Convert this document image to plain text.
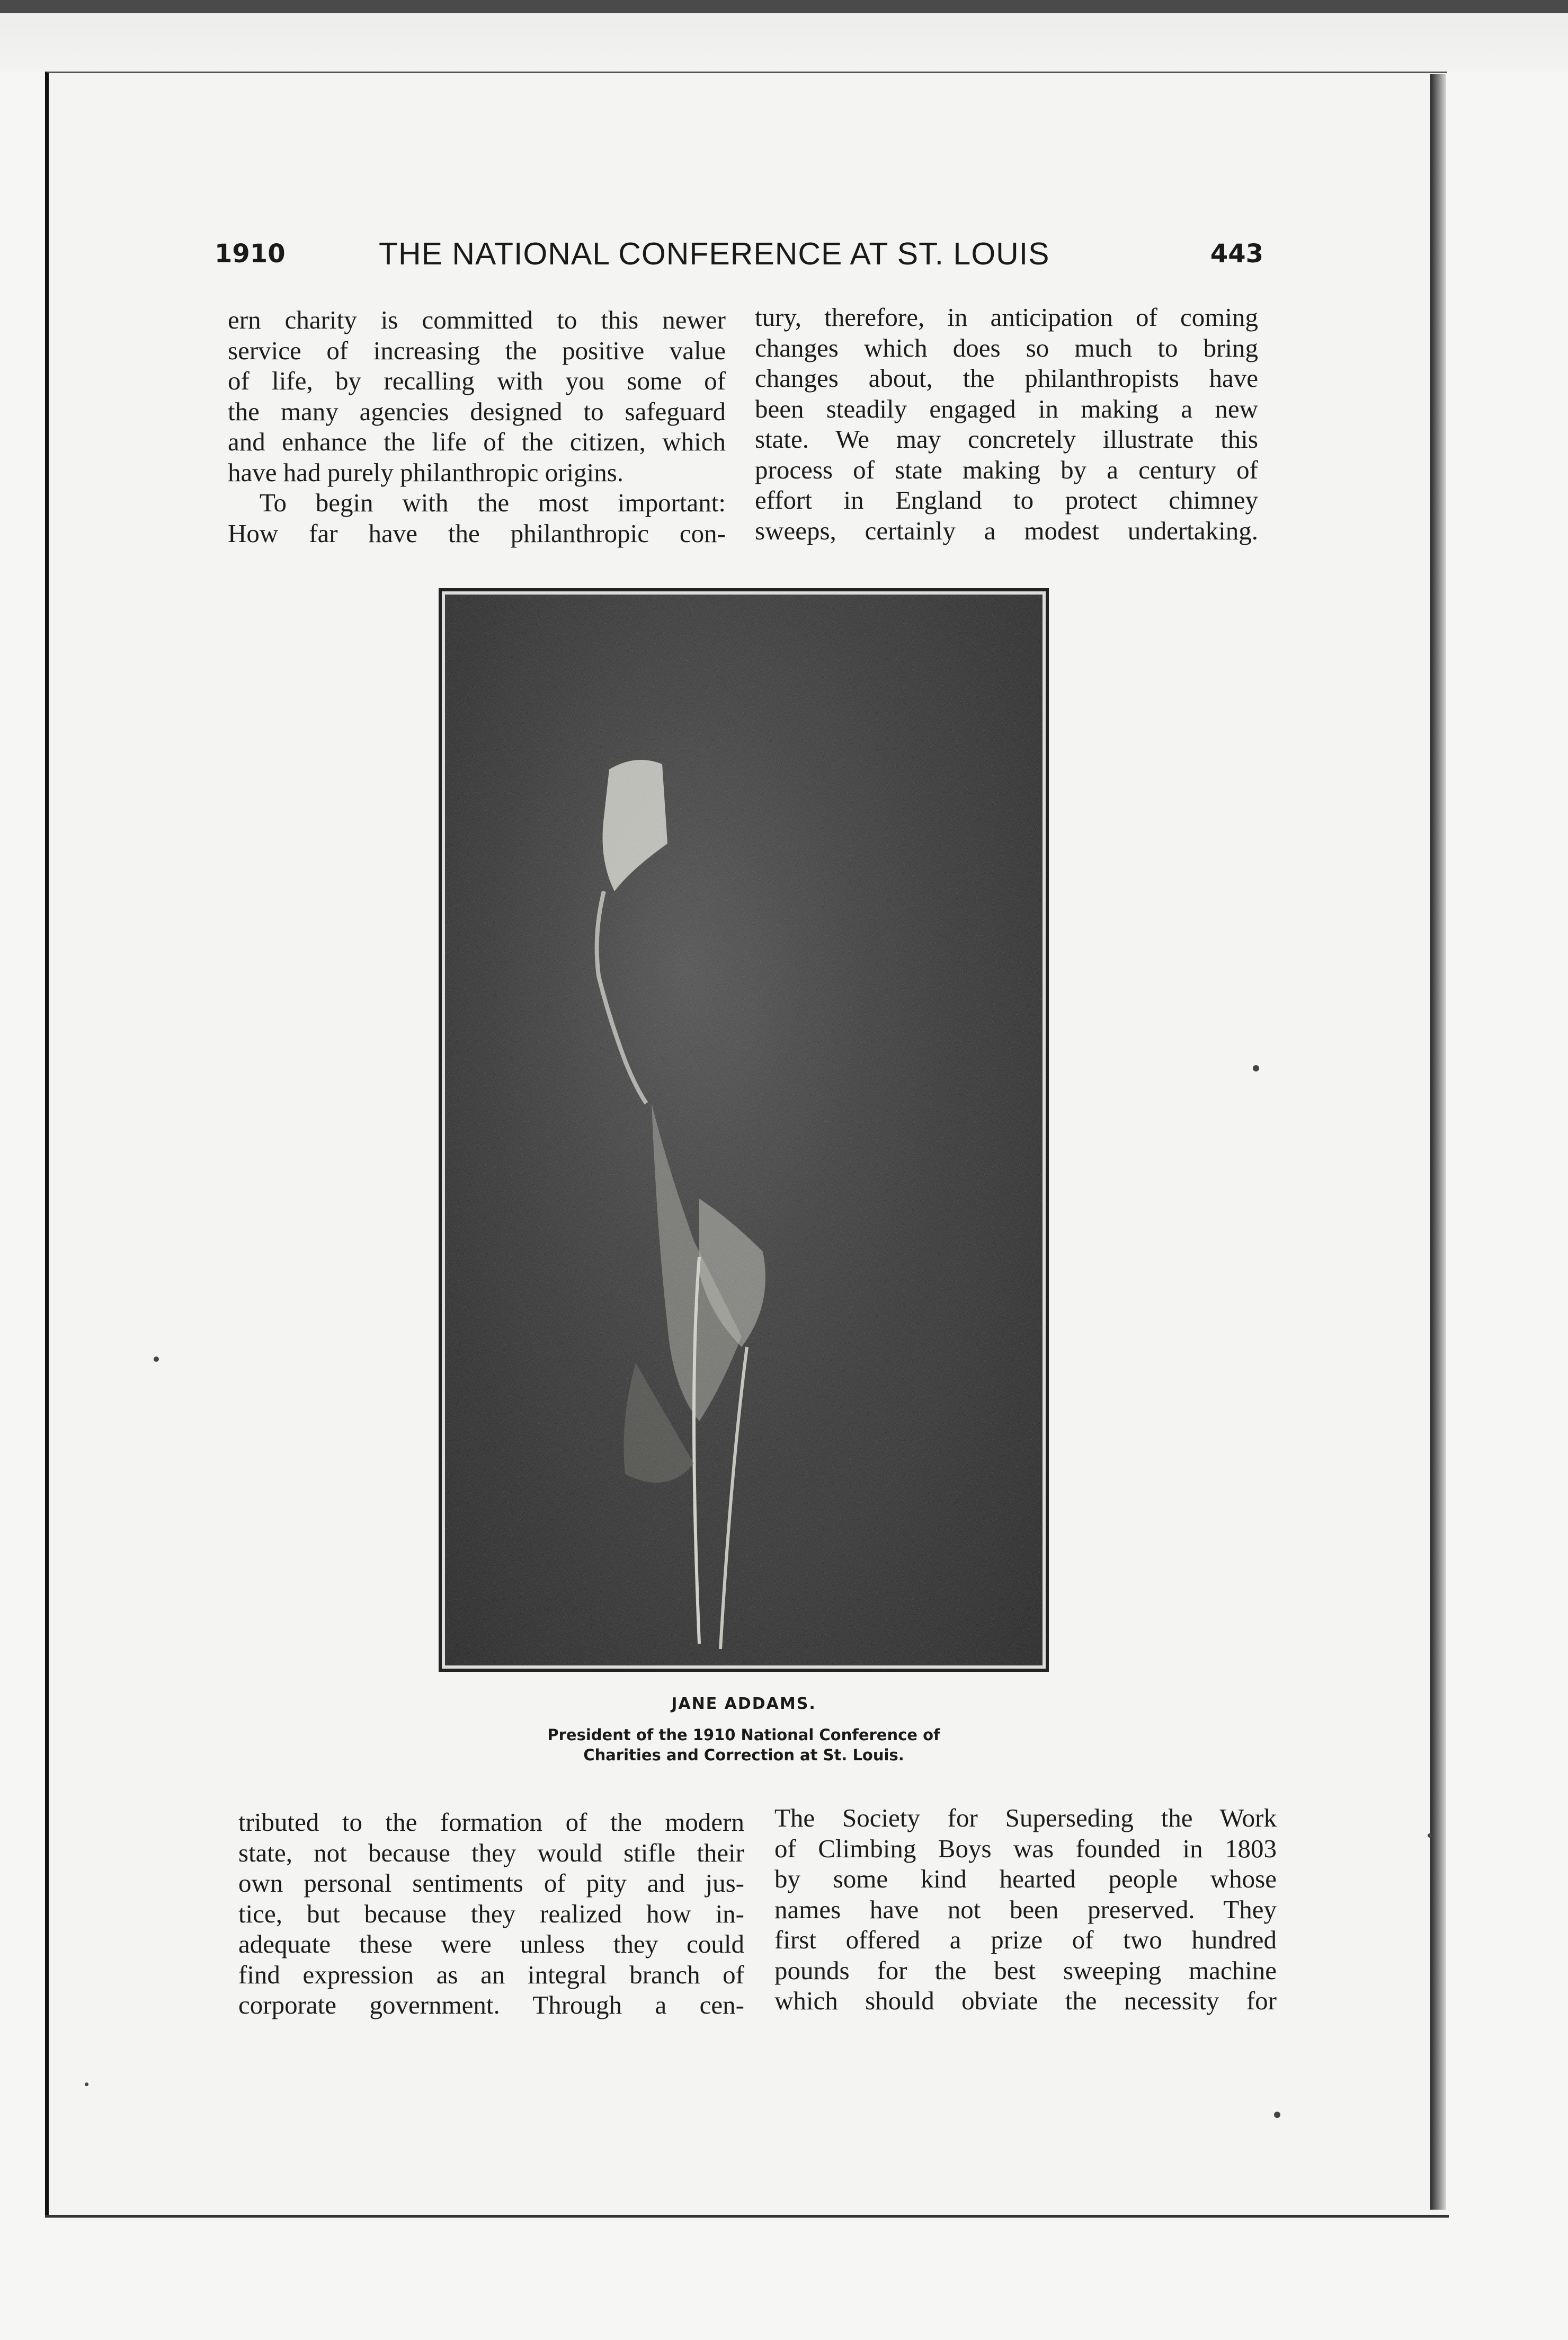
1910	THE NATIONAL CONFERENCE AT ST. LOUIS	443
ern charity is committed to this newer
service of increasing the positive value
of life, by recalling with you some of
the many agencies designed to safeguard
and enhance the life of the citizen, which
have had purely philanthropic origins.
To begin with the most important:
How far have the philanthropic con-
tury, therefore, in anticipation of coming
changes which does so much to bring
changes about, the philanthropists have
been steadily engaged in making a new
state. We may concretely illustrate this
process of state making by a century of
effort in England to protect chimney
sweeps, certainly a modest undertaking.
JANE ADDAMS.
President of the 1910 National Conference of
Charities and Correction at St. Louis.
tributed to the formation of the modern
state, not because they would stifle their
own personal sentiments of pity and jus-
tice, but because they realized how in-
adequate these were unless they could
find expression as an integral branch of
corporate government. Through a cen-
The Society for Superseding the Work
of Climbing Boys was founded in 1803
by some kind hearted people whose
names have not been preserved. They
first offered a prize of two hundred
pounds for the best sweeping machine
which should obviate the necessity for
